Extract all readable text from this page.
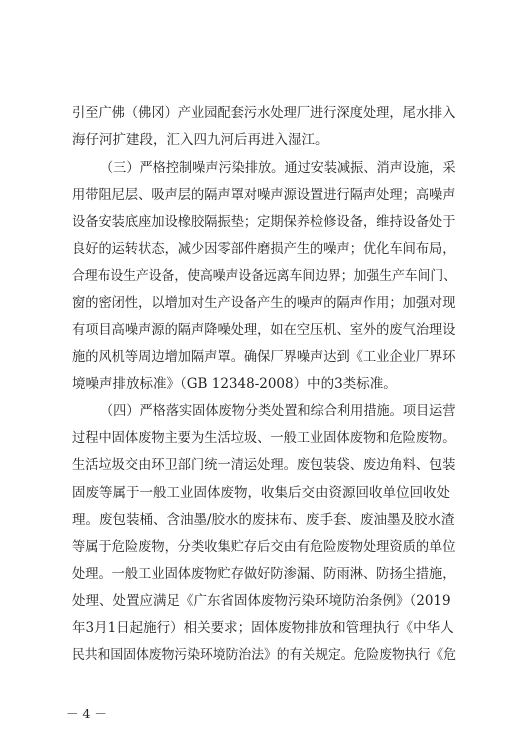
引至广佛（佛冈）产业园配套污水处理厂进行深度处理，尾水排入
海仔河扩建段，汇入四九河后再进入湿江。
（三）严格控制噪声污染排放。通过安装减振、消声设施，采
用带阻尼层、吸声层的隔声罩对噪声源设置进行隔声处理；高噪声
设备安装底座加设橡胶隔振垫；定期保养检修设备，维持设备处于
良好的运转状态，减少因零部件磨损产生的噪声；优化车间布局，
合理布设生产设备，使高噪声设备远离车间边界；加强生产车间门、
窗的密闭性，以增加对生产设备产生的噪声的隔声作用；加强对现
有项目高噪声源的隔声降噪处理，如在空压机、室外的废气治理设
施的风机等周边增加隔声罩。确保厂界噪声达到《工业企业厂界环
境噪声排放标准》（GB 12348-2008）中的3类标准。
（四）严格落实固体废物分类处置和综合利用措施。项目运营
过程中固体废物主要为生活垃圾、一般工业固体废物和危险废物。
生活垃圾交由环卫部门统一清运处理。废包装袋、废边角料、包装
固废等属于一般工业固体废物，收集后交由资源回收单位回收处
理。废包装桶、含油墨/胶水的废抹布、废手套、废油墨及胶水渣
等属于危险废物，分类收集贮存后交由有危险废物处理资质的单位
处理。一般工业固体废物贮存做好防渗漏、防雨淋、防扬尘措施，
处理、处置应满足《广东省固体废物污染环境防治条例》（2019
年3月1日起施行）相关要求；固体废物排放和管理执行《中华人
民共和国固体废物污染环境防治法》的有关规定。危险废物执行《危
－ 4 －
